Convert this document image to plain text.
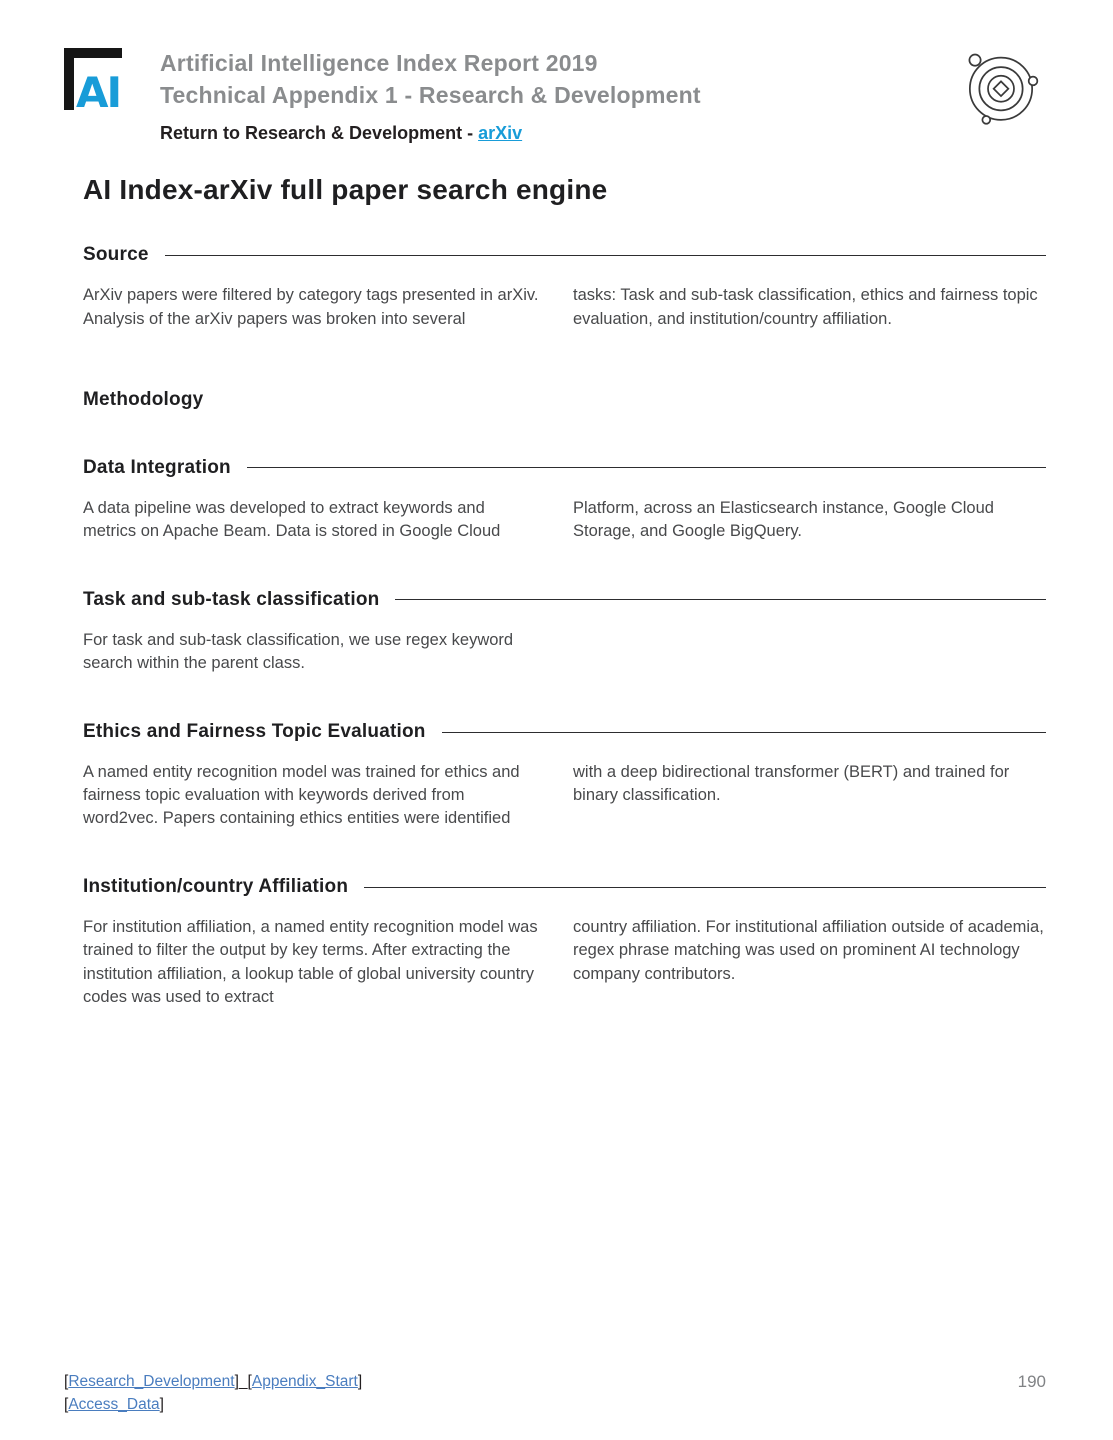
AI
Artificial Intelligence Index Report 2019
Technical Appendix 1 - Research & Development
Return to Research & Development - arXiv
AI Index-arXiv full paper search engine
Source

ArXiv papers were filtered by category tags presented in arXiv. Analysis of the arXiv papers was broken into several

tasks: Task and sub-task classification, ethics and fairness topic evaluation, and institution/country affiliation.

Methodology
Data Integration

A data pipeline was developed to extract keywords and metrics on Apache Beam. Data is stored in Google Cloud

Platform, across an Elasticsearch instance, Google Cloud Storage, and Google BigQuery.

Task and sub-task classification

For task and sub-task classification, we use regex keyword search within the parent class.

Ethics and Fairness Topic Evaluation

A named entity recognition model was trained for ethics and fairness topic evaluation with keywords derived from word2vec. Papers containing ethics entities were identified

with a deep bidirectional transformer (BERT) and trained for binary classification.

Institution/country Affiliation

For institution affiliation, a named entity recognition model was trained to filter the output by key terms. After extracting the institution affiliation, a lookup table of global university country codes was used to extract

country affiliation. For institutional affiliation outside of academia, regex phrase matching was used on prominent AI technology company contributors.

[Research_Development]_[Appendix_Start]
[Access_Data]
190
